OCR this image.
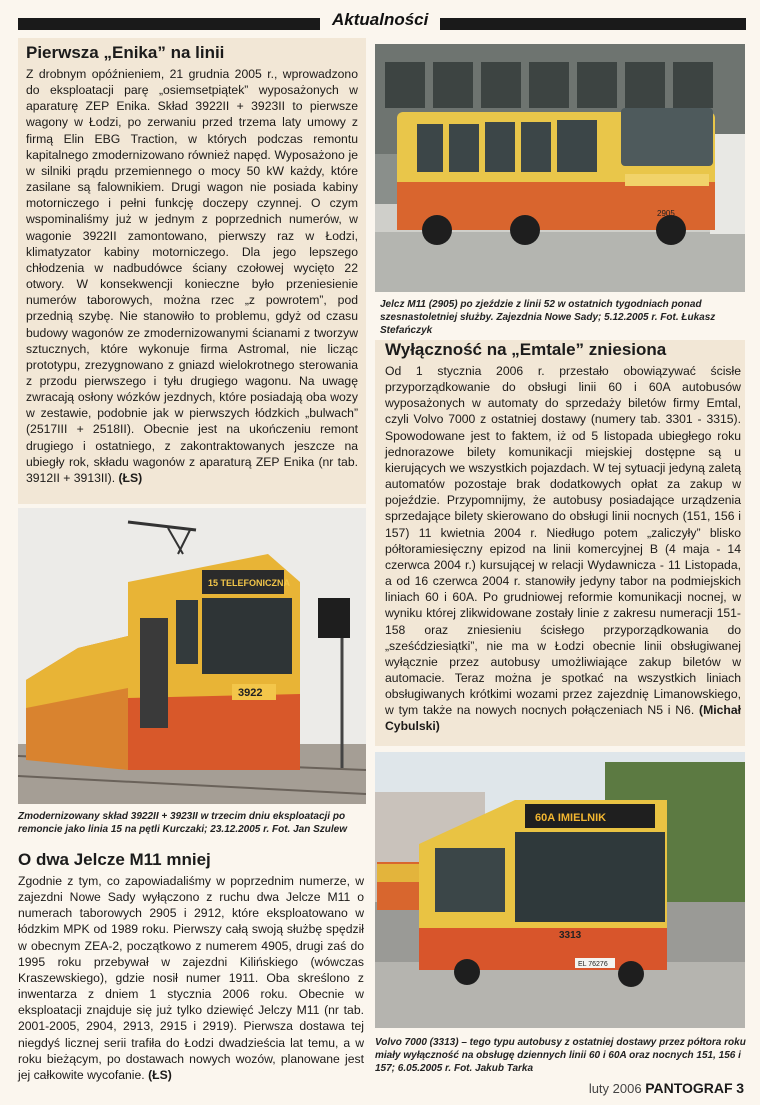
Aktualności
Pierwsza „Enika” na linii
Z drobnym opóźnieniem, 21 grudnia 2005 r., wprowadzono do eksploatacji parę „osiemsetpiątek” wyposażonych w aparaturę ZEP Enika. Skład 3922II + 3923II to pierwsze wagony w Łodzi, po zerwaniu przed trzema laty umowy z firmą Elin EBG Traction, w których podczas remontu kapitalnego zmodernizowano również napęd. Wyposażono je w silniki prądu przemiennego o mocy 50 kW każdy, które zasilane są falownikiem. Drugi wagon nie posiada kabiny motorniczego i pełni funkcję doczepy czynnej. O czym wspominaliśmy już w jednym z poprzednich numerów, w wagonie 3922II zamontowano, pierwszy raz w Łodzi, klimatyzator kabiny motorniczego. Dla jego lepszego chłodzenia w nadbudówce ściany czołowej wycięto 22 otwory. W konsekwencji konieczne było przeniesienie numerów taborowych, można rzec „z powrotem”, pod przednią szybę. Nie stanowiło to problemu, gdyż od czasu budowy wagonów ze zmodernizowanymi ścianami z tworzyw sztucznych, które wykonuje firma Astromal, nie licząc prototypu, zrezygnowano z gniazd wielokrotnego sterowania z przodu pierwszego i tyłu drugiego wagonu. Na uwagę zwracają osłony wózków jezdnych, które posiadają oba wozy w zestawie, podobnie jak w pierwszych łódzkich „bulwach” (2517III + 2518II). Obecnie jest na ukończeniu remont drugiego i ostatniego, z zakontraktowanych jeszcze na ubiegły rok, składu wagonów z aparaturą ZEP Enika (nr tab. 3912II + 3913II). (ŁS)
2905
Jelcz M11 (2905) po zjeździe z linii 52 w ostatnich tygodniach ponad szesnastoletniej służby. Zajezdnia Nowe Sady; 5.12.2005 r. Fot. Łukasz Stefańczyk
Wyłączność na „Emtale” zniesiona
Od 1 stycznia 2006 r. przestało obowiązywać ścisłe przyporządkowanie do obsługi linii 60 i 60A autobusów wyposażonych w automaty do sprzedaży biletów firmy Emtal, czyli Volvo 7000 z ostatniej dostawy (numery tab. 3301 - 3315). Spowodowane jest to faktem, iż od 5 listopada ubiegłego roku jednorazowe bilety komunikacji miejskiej dostępne są u kierujących we wszystkich pojazdach. W tej sytuacji jedyną zaletą automatów pozostaje brak dodatkowych opłat za zakup w pojeździe. Przypomnijmy, że autobusy posiadające urządzenia sprzedające bilety skierowano do obsługi linii nocnych (151, 156 i 157) 11 kwietnia 2004 r. Niedługo potem „zaliczyły” blisko półtoramiesięczny epizod na linii komercyjnej B (4 maja - 14 czerwca 2004 r.) kursującej w relacji Wydawnicza - 11 Listopada, a od 16 czerwca 2004 r. stanowiły jedyny tabor na podmiejskich liniach 60 i 60A. Po grudniowej reformie komunikacji nocnej, w wyniku której zlikwidowane zostały linie z zakresu numeracji 151-158 oraz zniesieniu ścisłego przyporządkowania do „sześćdziesiątki”, nie ma w Łodzi obecnie linii obsługiwanej wyłącznie przez autobusy umożliwiające zakup biletów w automacie. Teraz można je spotkać na wszystkich liniach obsługiwanych krótkimi wozami przez zajezdnię Limanowskiego, w tym także na nowych nocnych połączeniach N5 i N6. (Michał Cybulski)
15 TELEFONICZNA
3922
Zmodernizowany skład 3922II + 3923II w trzecim dniu eksploatacji po remoncie jako linia 15 na pętli Kurczaki; 23.12.2005 r. Fot. Jan Szulew
O dwa Jelcze M11 mniej
Zgodnie z tym, co zapowiadaliśmy w poprzednim numerze, w zajezdni Nowe Sady wyłączono z ruchu dwa Jelcze M11 o numerach taborowych 2905 i 2912, które eksploatowano w łódzkim MPK od 1989 roku. Pierwszy całą swoją służbę spędził w obecnym ZEA-2, początkowo z numerem 4905, drugi zaś do 1995 roku przebywał w zajezdni Kilińskiego (wówczas Kraszewskiego), gdzie nosił numer 1911. Oba skreślono z inwentarza z dniem 1 stycznia 2006 roku. Obecnie w eksploatacji znajduje się już tylko dziewięć Jelczy M11 (nr tab. 2001-2005, 2904, 2913, 2915 i 2919). Pierwsza dostawa tej niegdyś licznej serii trafiła do Łodzi dwadzieścia lat temu, a w roku bieżącym, po dostawach nowych wozów, planowane jest jej całkowite wycofanie. (ŁS)
60A IMIELNIK
3313
EL 76276
Volvo 7000 (3313) – tego typu autobusy z ostatniej dostawy przez półtora roku miały wyłączność na obsługę dziennych linii 60 i 60A oraz nocnych 151, 156 i 157; 6.05.2005 r. Fot. Jakub Tarka
luty 2006 PANTOGRAF 3
